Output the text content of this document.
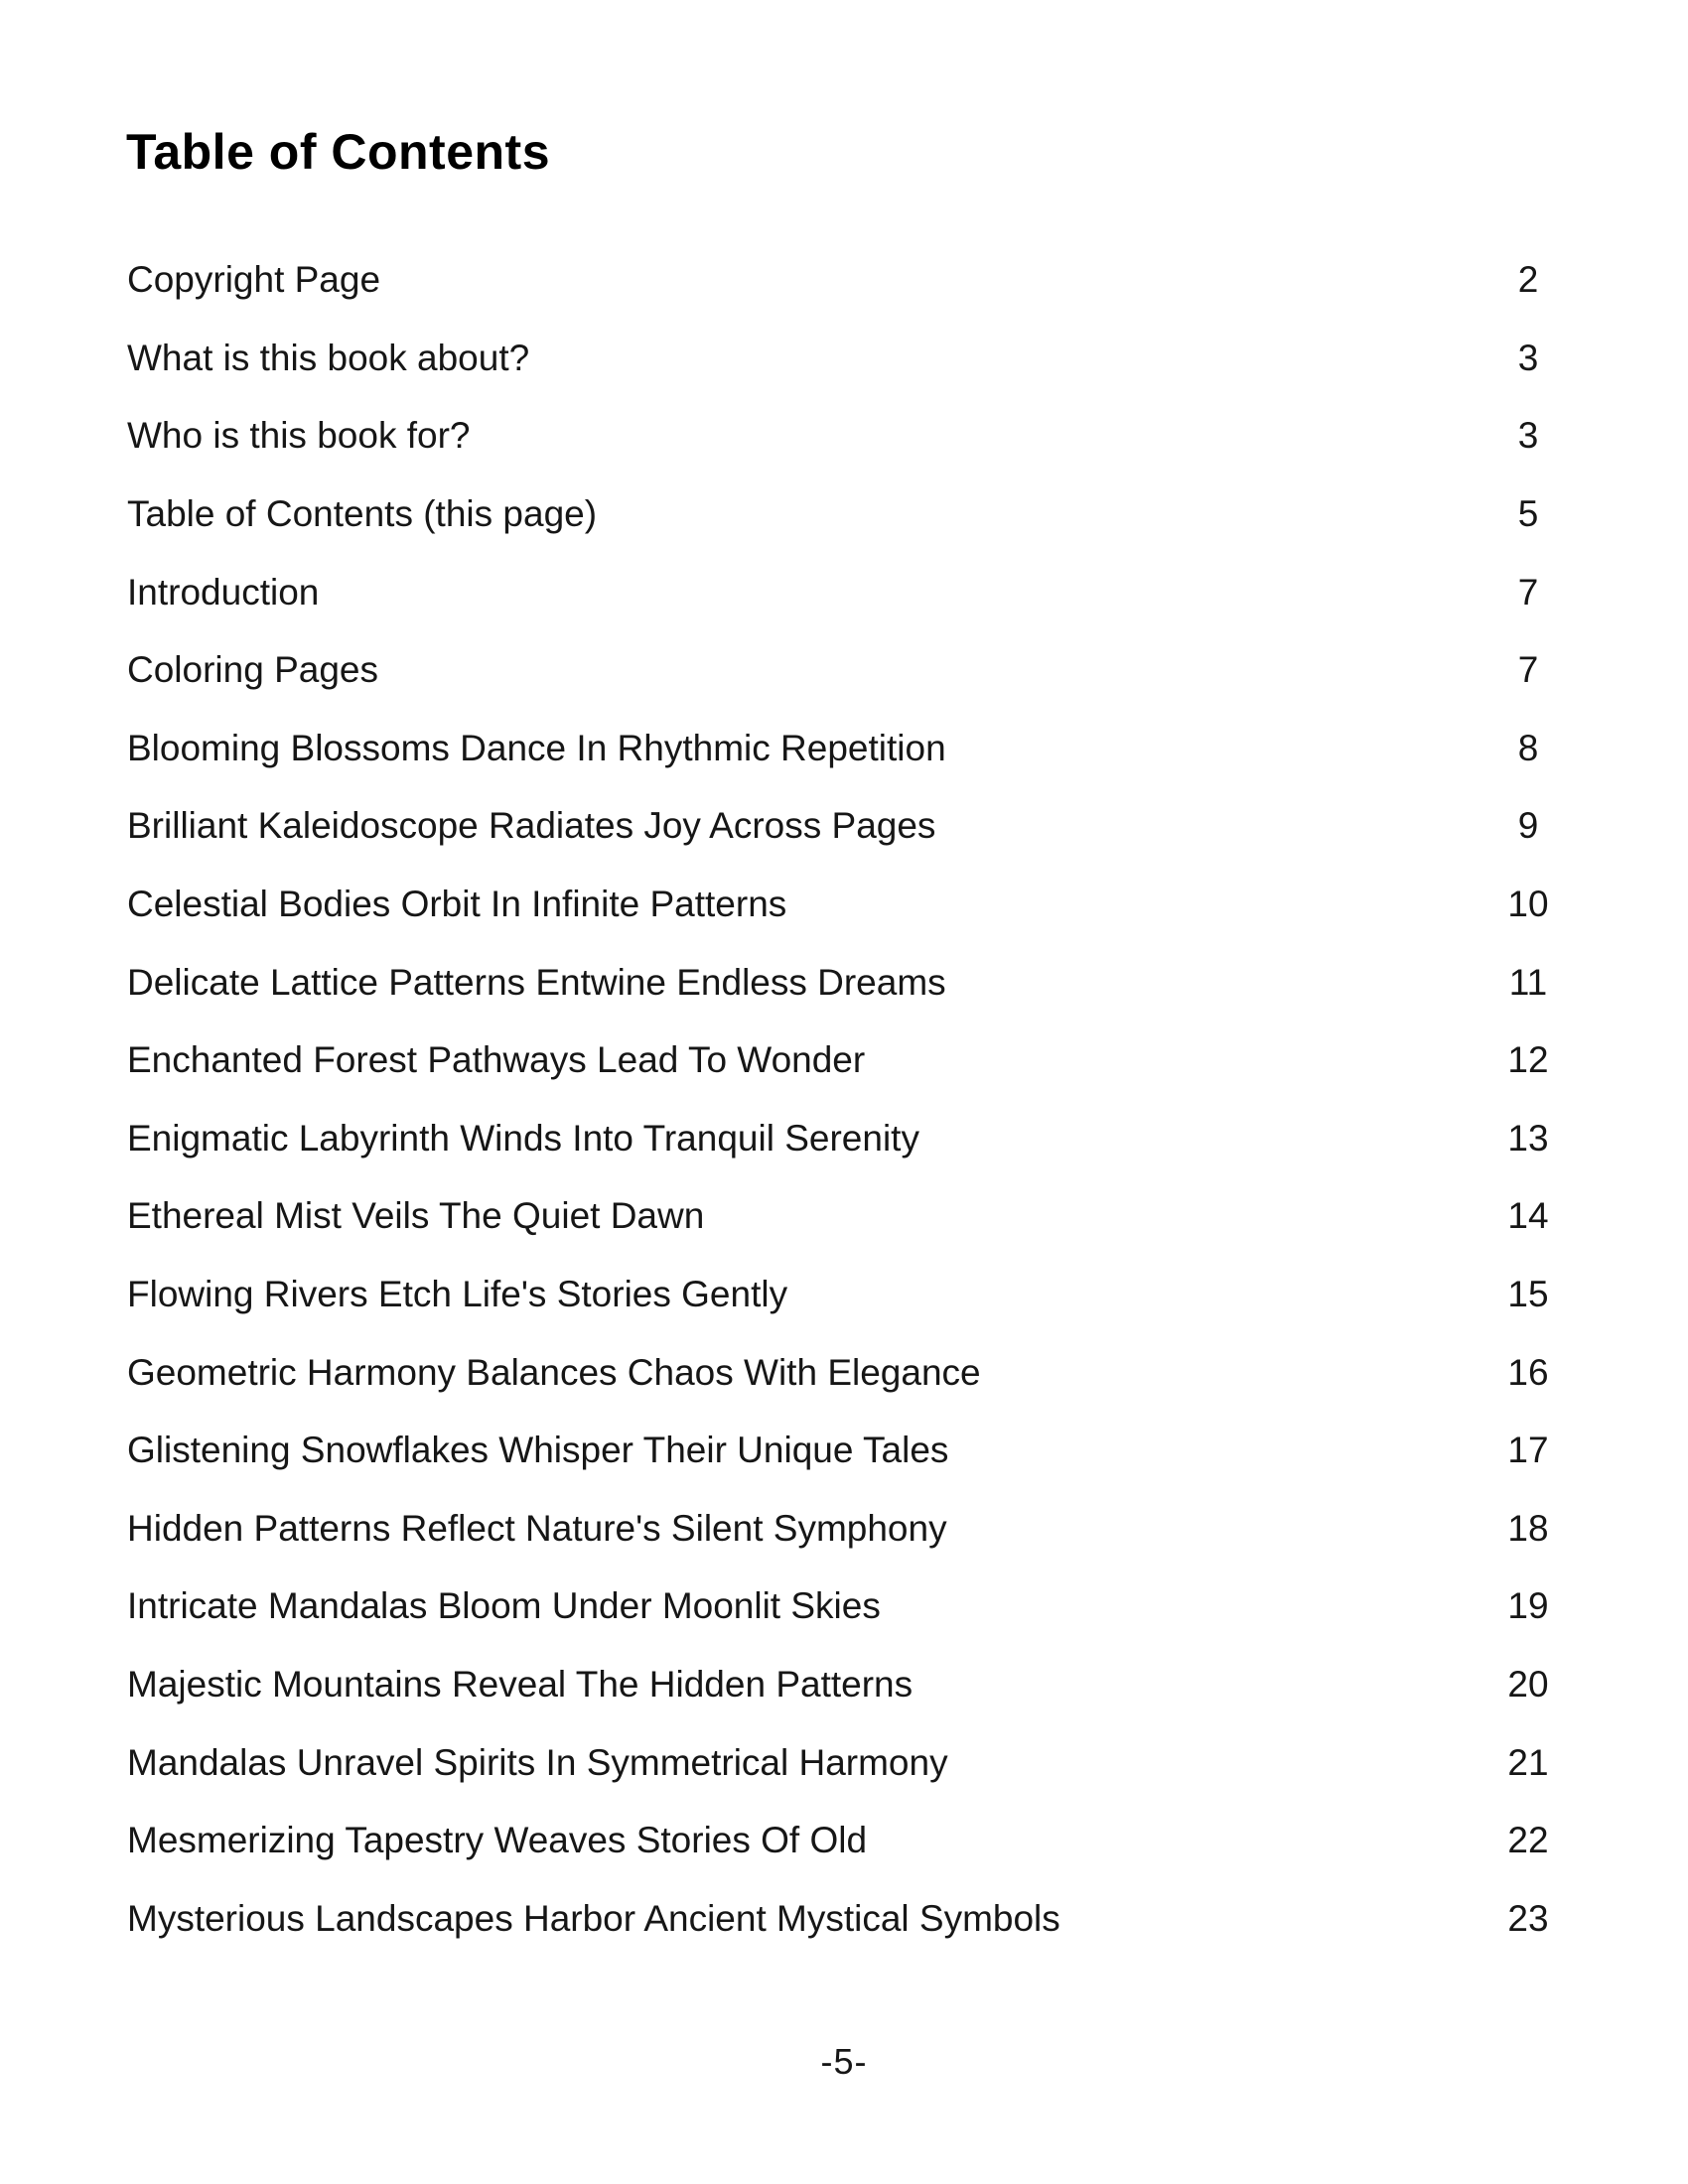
Table of Contents
Copyright Page	2
What is this book about?	3
Who is this book for?	3
Table of Contents (this page)	5
Introduction	7
Coloring Pages	7
Blooming Blossoms Dance In Rhythmic Repetition	8
Brilliant Kaleidoscope Radiates Joy Across Pages	9
Celestial Bodies Orbit In Infinite Patterns	10
Delicate Lattice Patterns Entwine Endless Dreams	11
Enchanted Forest Pathways Lead To Wonder	12
Enigmatic Labyrinth Winds Into Tranquil Serenity	13
Ethereal Mist Veils The Quiet Dawn	14
Flowing Rivers Etch Life's Stories Gently	15
Geometric Harmony Balances Chaos With Elegance	16
Glistening Snowflakes Whisper Their Unique Tales	17
Hidden Patterns Reflect Nature's Silent Symphony	18
Intricate Mandalas Bloom Under Moonlit Skies	19
Majestic Mountains Reveal The Hidden Patterns	20
Mandalas Unravel Spirits In Symmetrical Harmony	21
Mesmerizing Tapestry Weaves Stories Of Old	22
Mysterious Landscapes Harbor Ancient Mystical Symbols	23
-5-
